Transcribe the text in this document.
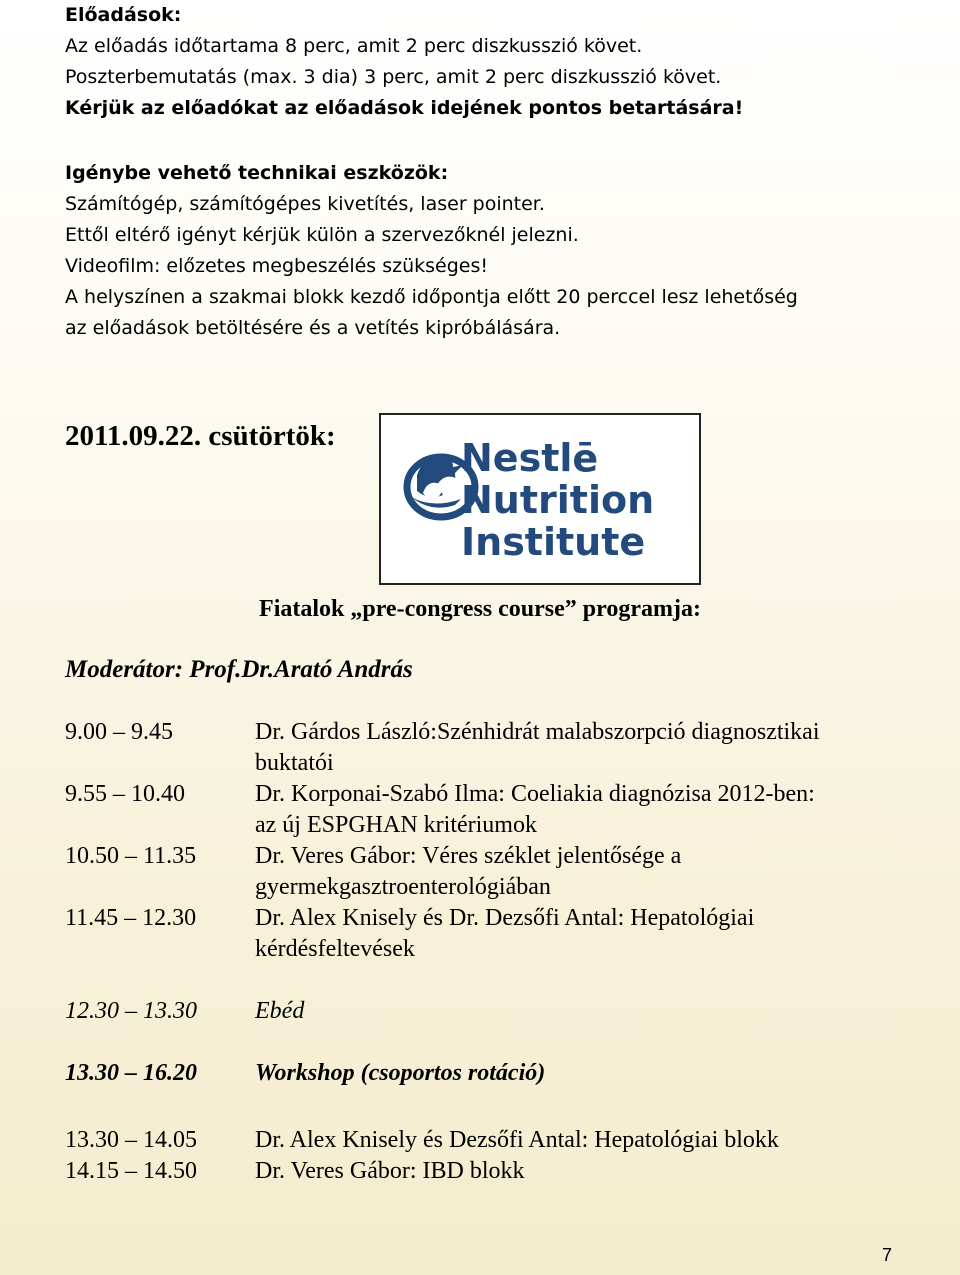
Előadások:
Az előadás időtartama 8 perc, amit 2 perc diszkusszió követ.
Poszterbemutatás (max. 3 dia) 3 perc, amit 2 perc diszkusszió követ.
Kérjük az előadókat az előadások idejének pontos betartására!
Igénybe vehető technikai eszközök:
Számítógép, számítógépes kivetítés, laser pointer.
Ettől eltérő igényt kérjük külön a szervezőknél jelezni.
Videofilm: előzetes megbeszélés szükséges!
A helyszínen a szakmai blokk kezdő időpontja előtt 20 perccel lesz lehetőség
az előadások betöltésére és a vetítés kipróbálására.
2011.09.22. csütörtök:	Nestlē
Nutrition
Institute
Fiatalok „pre-congress course” programja:
Moderátor: Prof.Dr.Arató András
9.00 – 9.45	Dr. Gárdos László:Szénhidrát malabszorpció diagnosztikai
buktatói
9.55 – 10.40	Dr. Korponai-Szabó Ilma: Coeliakia diagnózisa 2012-ben:
az új ESPGHAN kritériumok
10.50 – 11.35 Dr. Veres Gábor: Véres széklet jelentősége a
gyermekgasztroenterológiában
11.45 – 12.30 Dr. Alex Knisely és Dr. Dezsőfi Antal: Hepatológiai
kérdésfeltevések
12.30 – 13.30 Ebéd
13.30 – 16.20 Workshop (csoportos rotáció)
13.30 – 14.05 Dr. Alex Knisely és Dezsőfi Antal: Hepatológiai blokk
14.15 – 14.50 Dr. Veres Gábor: IBD blokk
7
